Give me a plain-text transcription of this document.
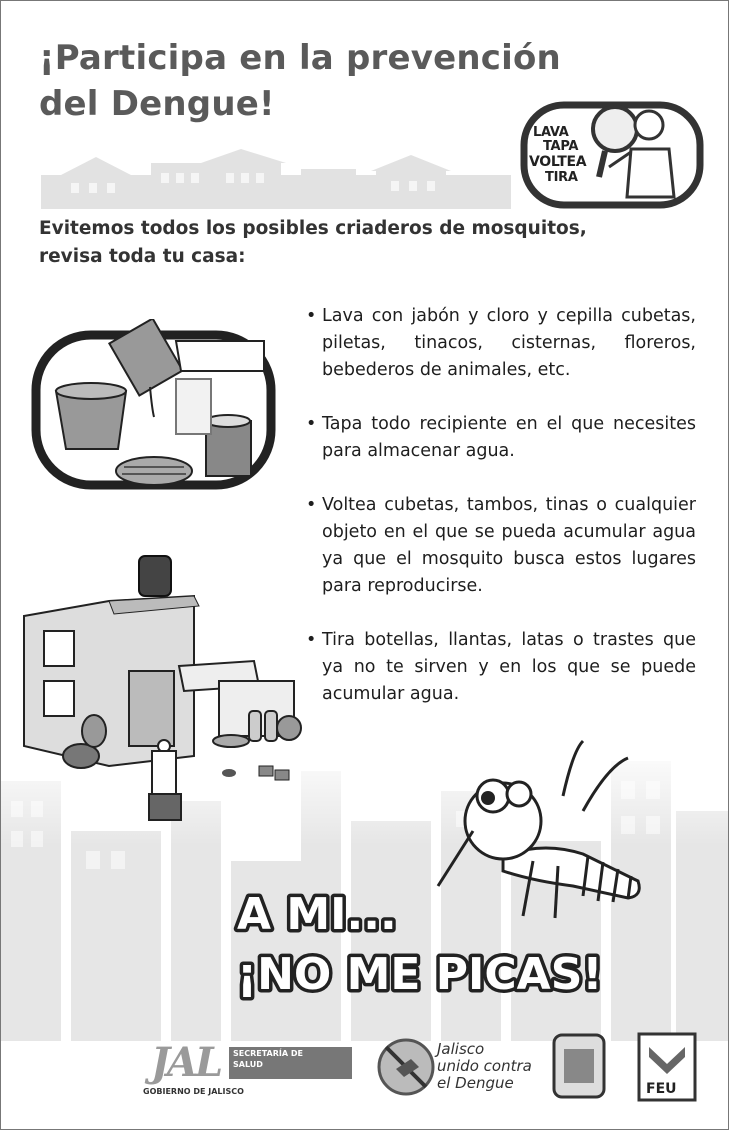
¡Participa en la prevención
del Dengue!
LAVA
TAPA
VOLTEA
TIRA
Evitemos todos los posibles criaderos de mosquitos,
revisa toda tu casa:
• Lava con jabón y cloro y cepilla cubetas, piletas, tinacos, cisternas, floreros, bebederos de animales, etc.
• Tapa todo recipiente en el que necesites para almacenar agua.
• Voltea cubetas, tambos, tinas o cualquier objeto en el que se pueda acumular agua ya que el mosquito busca estos lugares para reproducirse.
• Tira botellas, llantas, latas o trastes que ya no te sirven y en los que se puede acumular agua.
A MI...
¡NO ME PICAS!
JAL
GOBIERNO DE JALISCO
SECRETARÍA DE
SALUD
Jalisco
unido contra
el Dengue	FEU
